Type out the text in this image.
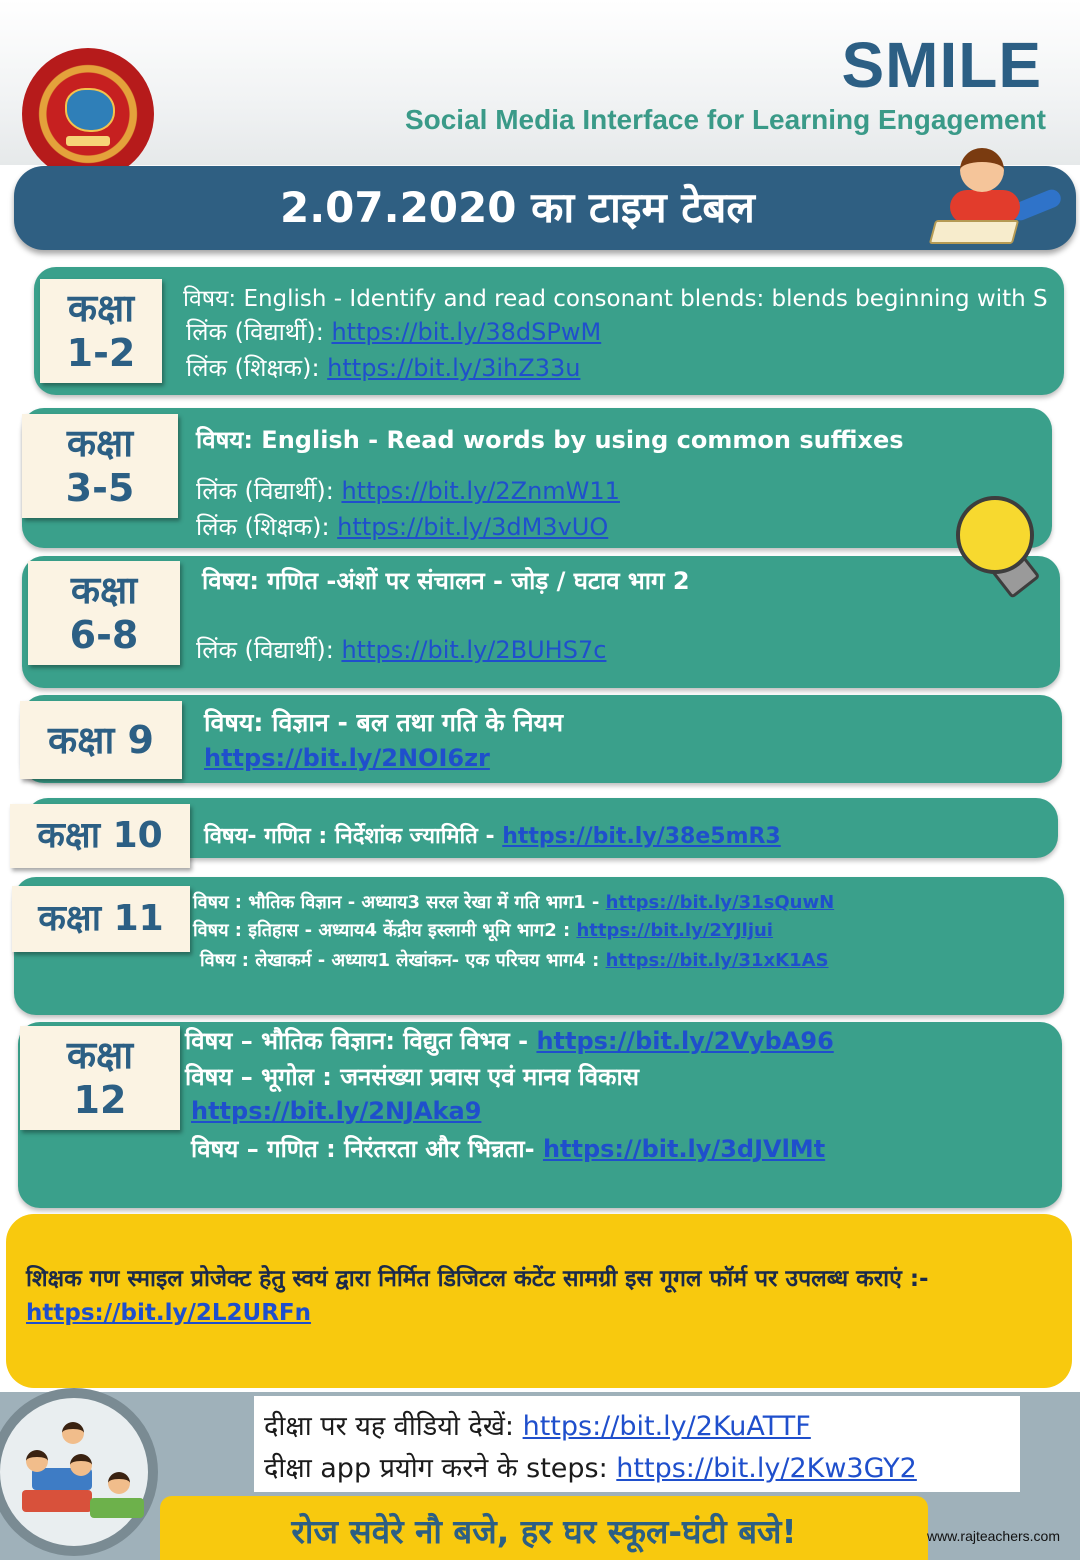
SMILE
Social Media Interface for Learning Engagement
2.07.2020 का टाइम टेबल
कक्षा
1-2
विषय: English - Identify and read consonant blends: blends beginning with S
लिंक (विद्यार्थी): https://bit.ly/38dSPwM
लिंक (शिक्षक): https://bit.ly/3ihZ33u
कक्षा
3-5
विषय: English - Read words by using common suffixes
लिंक (विद्यार्थी): https://bit.ly/2ZnmW11
लिंक (शिक्षक): https://bit.ly/3dM3vUO
कक्षा
6-8
विषय: गणित -अंशों पर संचालन - जोड़ / घटाव भाग 2
लिंक (विद्यार्थी): https://bit.ly/2BUHS7c
कक्षा 9	विषय: विज्ञान - बल तथा गति के नियम
https://bit.ly/2NOI6zr
कक्षा 10	विषय- गणित : निर्देशांक ज्यामिति - https://bit.ly/38e5mR3
कक्षा 11	विषय : भौतिक विज्ञान - अध्याय3 सरल रेखा में गति भाग1 - https://bit.ly/31sQuwN
विषय : इतिहास - अध्याय4 केंद्रीय इस्लामी भूमि भाग2 : https://bit.ly/2YJljui
विषय : लेखाकर्म - अध्याय1 लेखांकन- एक परिचय भाग4 : https://bit.ly/31xK1AS
कक्षा
12
विषय – भौतिक विज्ञान: विद्युत विभव - https://bit.ly/2VybA96
विषय – भूगोल : जनसंख्या प्रवास एवं मानव विकास
https://bit.ly/2NJAka9
विषय – गणित : निरंतरता और भिन्नता- https://bit.ly/3dJVlMt
शिक्षक गण स्माइल प्रोजेक्ट हेतु स्वयं द्वारा निर्मित डिजिटल कंटेंट सामग्री इस गूगल फॉर्म पर उपलब्ध कराएं :- https://bit.ly/2L2URFn
दीक्षा पर यह वीडियो देखें: https://bit.ly/2KuATTF
दीक्षा app प्रयोग करने के steps: https://bit.ly/2Kw3GY2
रोज सवेरे नौ बजे, हर घर स्कूल-घंटी बजे!	www.rajteachers.com
